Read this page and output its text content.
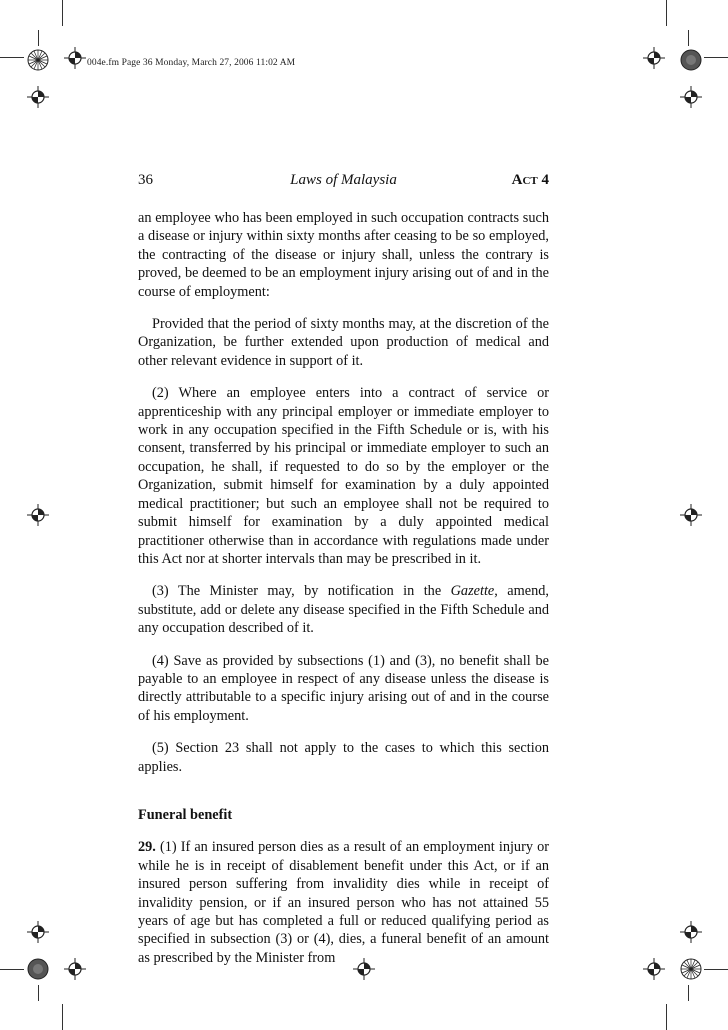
004e.fm Page 36 Monday, March 27, 2006 11:02 AM
36	Laws of Malaysia	ACT 4

an employee who has been employed in such occupation contracts such a disease or injury within sixty months after ceasing to be so employed, the contracting of the disease or injury shall, unless the contrary is proved, be deemed to be an employment injury arising out of and in the course of employment:

Provided that the period of sixty months may, at the discretion of the Organization, be further extended upon production of medical and other relevant evidence in support of it.

(2) Where an employee enters into a contract of service or apprenticeship with any principal employer or immediate employer to work in any occupation specified in the Fifth Schedule or is, with his consent, transferred by his principal or immediate employer to such an occupation, he shall, if requested to do so by the employer or the Organization, submit himself for examination by a duly appointed medical practitioner; but such an employee shall not be required to submit himself for examination by a duly appointed medical practitioner otherwise than in accordance with regulations made under this Act nor at shorter intervals than may be prescribed in it.

(3) The Minister may, by notification in the Gazette, amend, substitute, add or delete any disease specified in the Fifth Schedule and any occupation described of it.

(4) Save as provided by subsections (1) and (3), no benefit shall be payable to an employee in respect of any disease unless the disease is directly attributable to a specific injury arising out of and in the course of his employment.

(5) Section 23 shall not apply to the cases to which this section applies.

Funeral benefit

29. (1) If an insured person dies as a result of an employment injury or while he is in receipt of disablement benefit under this Act, or if an insured person suffering from invalidity dies while in receipt of invalidity pension, or if an insured person who has not attained 55 years of age but has completed a full or reduced qualifying period as specified in subsection (3) or (4), dies, a funeral benefit of an amount as prescribed by the Minister from
